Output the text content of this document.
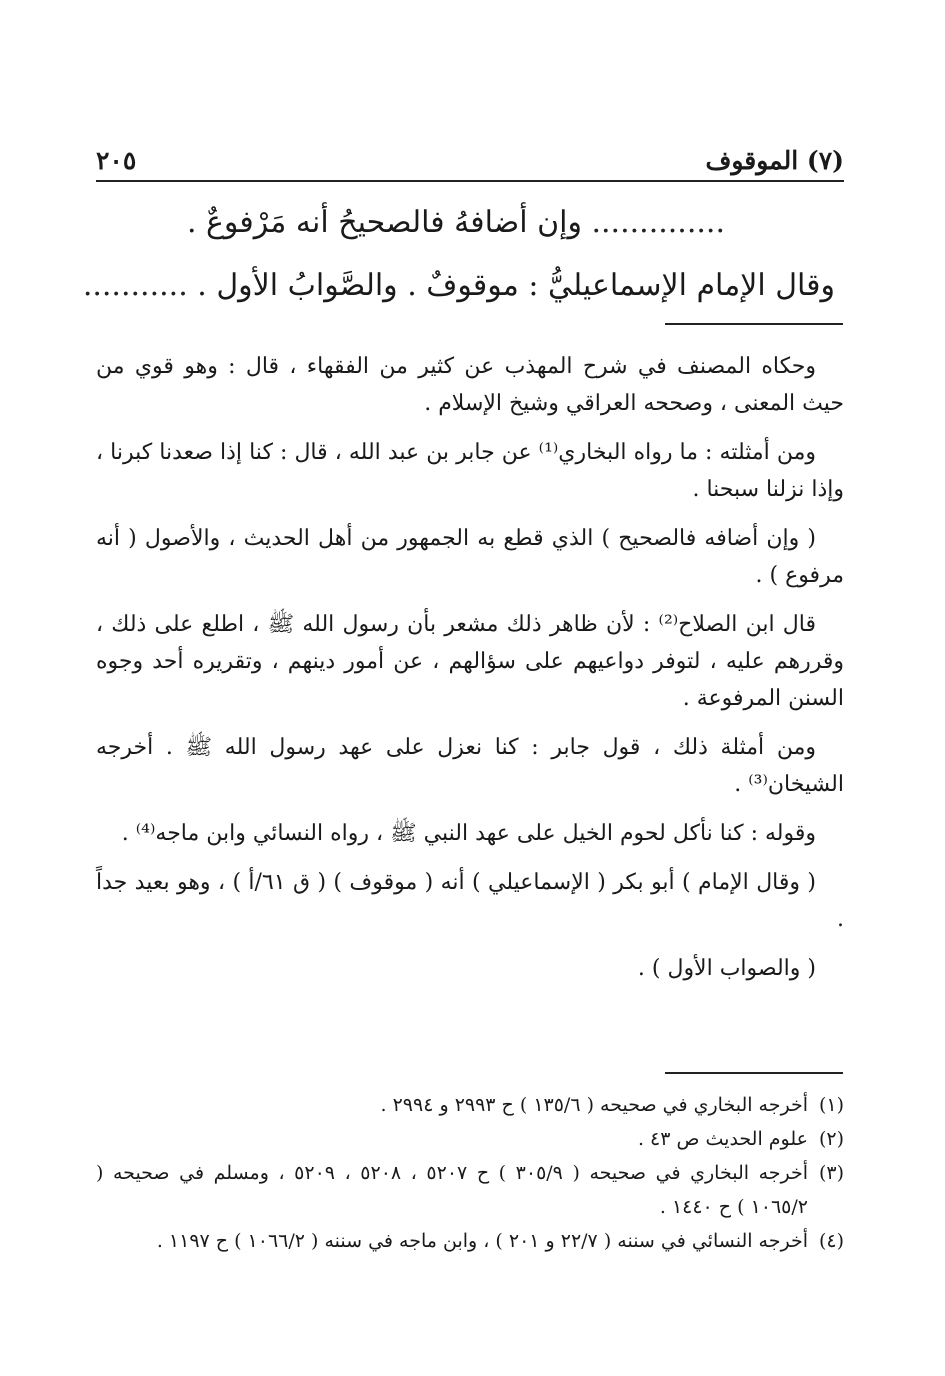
(٧) الموقوف
٢٠٥
.............. وإن أضافهُ فالصحيحُ أنه مَرْفوعٌ .
وقال الإمام الإسماعيليُّ : موقوفٌ . والصَّوابُ الأول . ...........

وحكاه المصنف في شرح المهذب عن كثير من الفقهاء ، قال : وهو قوي من حيث المعنى ، وصححه العراقي وشيخ الإسلام .

ومن أمثلته : ما رواه البخاري⁽¹⁾ عن جابر بن عبد الله ، قال : كنا إذا صعدنا كبرنا ، وإذا نزلنا سبحنا .

( وإن أضافه فالصحيح ) الذي قطع به الجمهور من أهل الحديث ، والأصول ( أنه مرفوع ) .

قال ابن الصلاح⁽²⁾ : لأن ظاهر ذلك مشعر بأن رسول الله ﷺ ، اطلع على ذلك ، وقررهم عليه ، لتوفر دواعيهم على سؤالهم ، عن أمور دينهم ، وتقريره أحد وجوه السنن المرفوعة .

ومن أمثلة ذلك ، قول جابر : كنا نعزل على عهد رسول الله ﷺ . أخرجه الشيخان⁽³⁾ .

وقوله : كنا نأكل لحوم الخيل على عهد النبي ﷺ ، رواه النسائي وابن ماجه⁽⁴⁾ .

( وقال الإمام ) أبو بكر ( الإسماعيلي ) أنه ( موقوف ) ( ق ٦١/أ ) ، وهو بعيد جداً .

( والصواب الأول ) .

(١)
أخرجه البخاري في صحيحه ( ١٣٥/٦ ) ح ٢٩٩٣ و ٢٩٩٤ .
(٢)
علوم الحديث ص ٤٣ .
(٣)
أخرجه البخاري في صحيحه ( ٣٠٥/٩ ) ح ٥٢٠٧ ، ٥٢٠٨ ، ٥٢٠٩ ، ومسلم في صحيحه ( ١٠٦٥/٢ ) ح ١٤٤٠ .
(٤)
أخرجه النسائي في سننه ( ٢٢/٧ و ٢٠١ ) ، وابن ماجه في سننه ( ١٠٦٦/٢ ) ح ١١٩٧ .
